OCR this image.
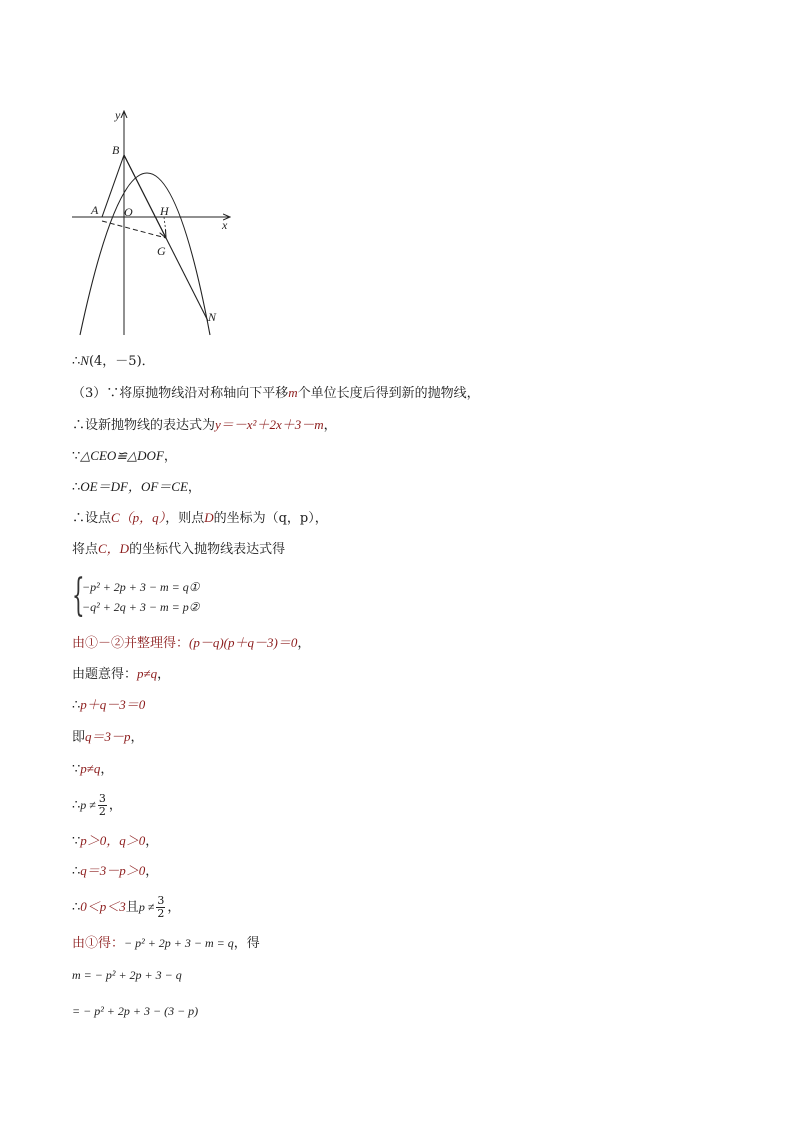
y
x
B
A O H
G
N
∴N(4，－5)．
（3）∵将原抛物线沿对称轴向下平移m个单位长度后得到新的抛物线，
∴设新抛物线的表达式为y＝－x²＋2x＋3－m，
∵△CEO≌△DOF，
∴OE＝DF，OF＝CE，
∴设点C（p，q），则点D的坐标为（q，p），
将点C，D的坐标代入抛物线表达式得
{
−p² + 2p + 3 − m = q①
−q² + 2q + 3 − m = p②
由①－②并整理得：(p－q)(p＋q－3)＝0，
由题意得：p≠q，
∴p＋q－3＝0
即q＝3－p，
∵p≠q，
∴p ≠ $\frac{3}{2}$ ，
∵p＞0，q＞0，
∴q＝3－p＞0，
∴0＜p＜3且$p \ne \frac{3}{2}$ ，
由①得：− p² + 2p + 3 − m = q，得
m = − p² + 2p + 3 − q
= − p² + 2p + 3 − (3 − p)
